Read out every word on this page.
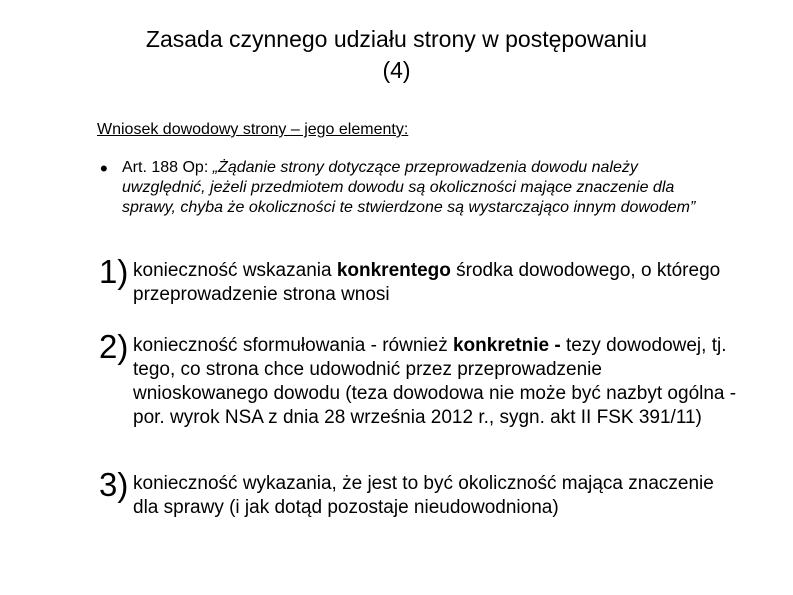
Zasada czynnego udziału strony w postępowaniu
(4)

Wniosek dowodowy strony – jego elementy:

• Art. 188 Op: „Żądanie strony dotyczące przeprowadzenia dowodu należy uwzględnić, jeżeli przedmiotem dowodu są okoliczności mające znaczenie dla sprawy, chyba że okoliczności te stwierdzone są wystarczająco innym dowodem”
1) konieczność wskazania konkrentego środka dowodowego, o którego przeprowadzenie strona wnosi
2) konieczność sformułowania - również konkretnie - tezy dowodowej, tj. tego, co strona chce udowodnić przez przeprowadzenie wnioskowanego dowodu (teza dowodowa nie może być nazbyt ogólna - por. wyrok NSA z dnia 28 września 2012 r., sygn. akt II FSK 391/11)
3) konieczność wykazania, że jest to być okoliczność mająca znaczenie dla sprawy (i jak dotąd pozostaje nieudowodniona)
